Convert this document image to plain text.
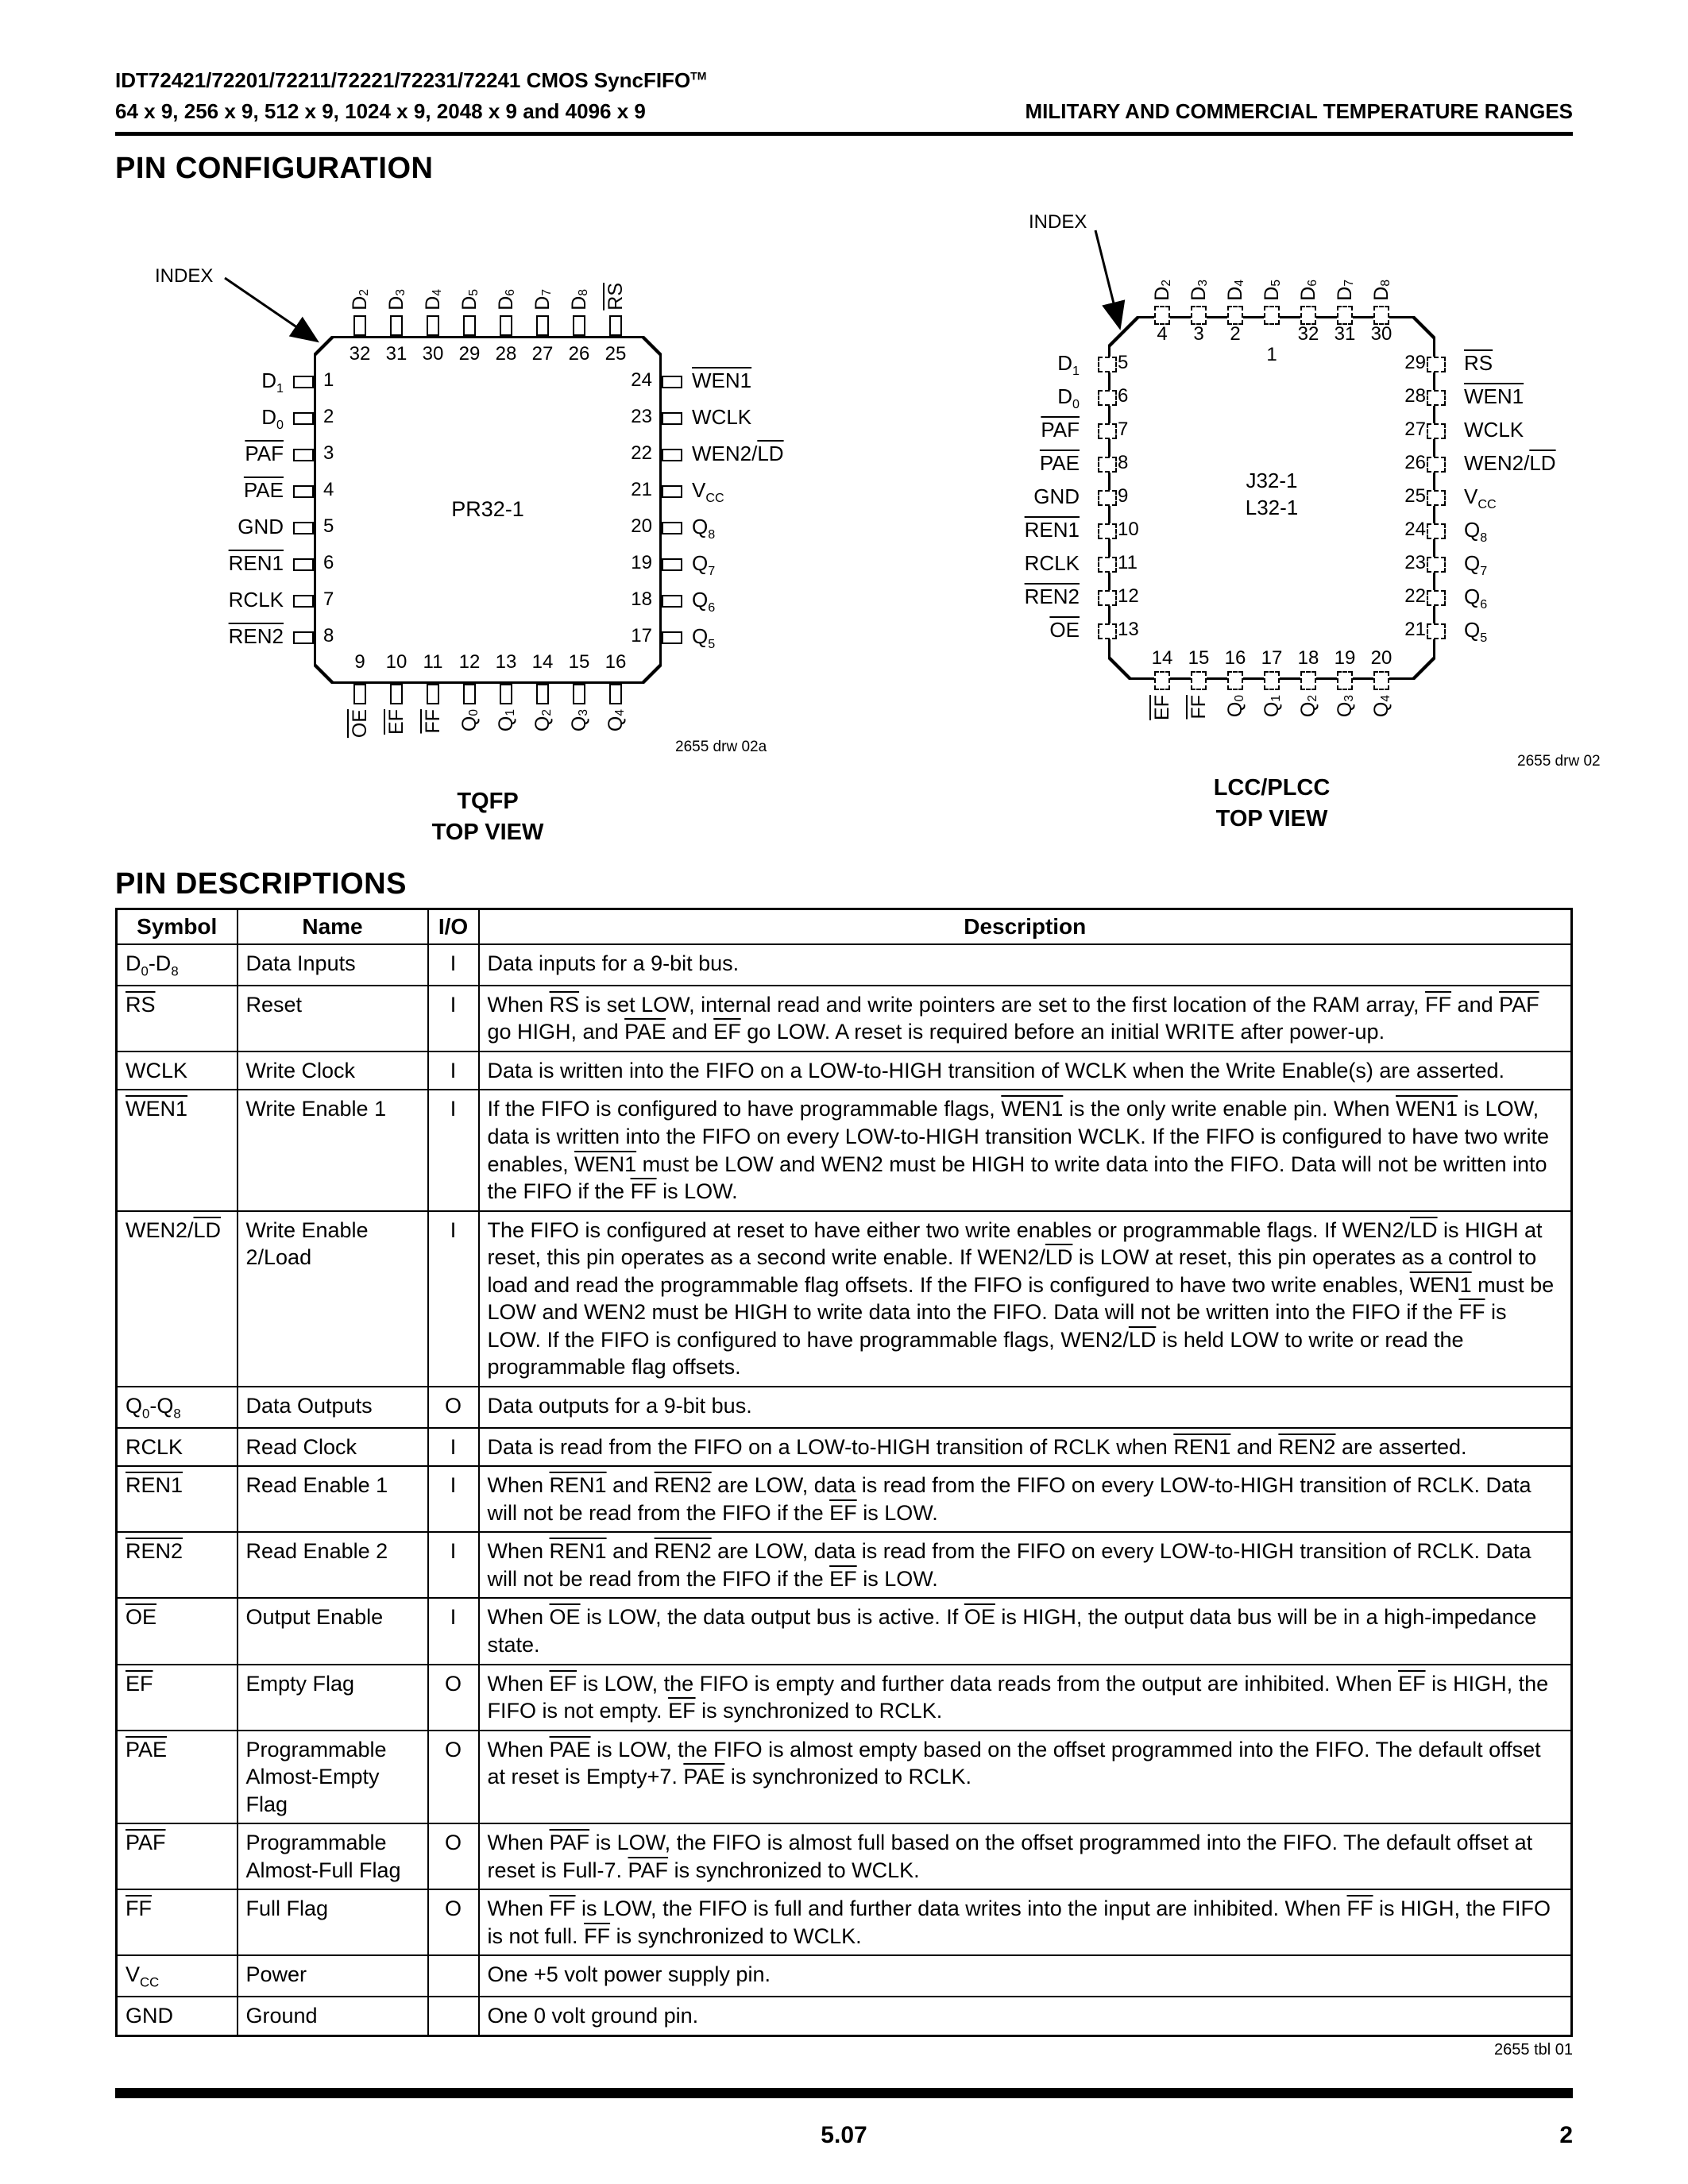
IDT72421/72201/72211/72221/72231/72241 CMOS SyncFIFO™
64 x 9, 256 x 9, 512 x 9, 1024 x 9, 2048 x 9 and 4096 x 9	MILITARY AND COMMERCIAL TEMPERATURE RANGES
PIN CONFIGURATION
INDEX
PR32-1
TQFP
TOP VIEW
2655 drw 02a
32
$D_2$
31
$D_3$
30
$D_4$
29
$D_5$
28
$D_6$
27
$D_7$
26
$D_8$
25
RS
9
OE
10
EF
11
FF
12
$Q_0$
13
$Q_1$
14
$Q_2$
15
$Q_3$
16
$Q_4$
1
$D_1$
2
$D_0$
3
$\overline{PAF}$
4
$\overline{PAE}$
5
GND
6
REN1
7
RCLK
8
REN2
24 WEN1
23 WCLK
22 $WEN2/\overline{LD}$
21 $V_{CC}$
20 $Q_8$
19 $Q_7$
18 $Q_6$
17 $Q_5$
INDEX
J32-1
L32-1
LCC/PLCC
TOP VIEW
2655 drw 02
4
$D_2$
3
$D_3$
2
$D_4$
1
$D_5$
32
$D_6$
31
$D_7$
30
$D_8$
14
EF
15
FF
16
$Q_0$
17
$Q_1$
18
$Q_2$
19
$Q_3$
20
$Q_4$
5
$D_1$
6
$D_0$
7
$\overline{PAF}$
8
$\overline{PAE}$
9
GND
10
REN1
11
RCLK
12
REN2
13
$\overline{OE}$
29 $\overline{RS}$
28 WEN1
27 WCLK
26 $WEN2/\overline{LD}$
25 $V_{CC}$
24 $Q_8$
23 $Q_7$
22 $Q_6$
21 $Q_5$
PIN DESCRIPTIONS
Symbol	Name	I/O	Description
$D_0-D_8$	Data Inputs	I	Data inputs for a 9-bit bus.
$\overline{RS}$	Reset	I	When $\overline{RS}$ is set LOW, internal read and write pointers are set to the first location of the RAM array, $\overline{FF}$ and $\overline{PAF}$ go HIGH, and $\overline{PAE}$ and $\overline{EF}$ go LOW. A reset is required before an initial WRITE after power-up.
WCLK	Write Clock	I	Data is written into the FIFO on a LOW-to-HIGH transition of WCLK when the Write Enable(s) are asserted.
WEN1	Write Enable 1	I	If the FIFO is configured to have programmable flags, WEN1 is the only write enable pin. When WEN1 is LOW, data is written into the FIFO on every LOW-to-HIGH transition WCLK. If the FIFO is configured to have two write enables, WEN1 must be LOW and WEN2 must be HIGH to write data into the FIFO. Data will not be written into the FIFO if the $\overline{FF}$ is LOW.
$WEN2/\overline{LD}$	Write Enable 2/Load	I	The FIFO is configured at reset to have either two write enables or programmable flags. If $WEN2/\overline{LD}$ is HIGH at reset, this pin operates as a second write enable. If $WEN2/\overline{LD}$ is LOW at reset, this pin operates as a control to load and read the programmable flag offsets. If the FIFO is configured to have two write enables, WEN1 must be LOW and WEN2 must be HIGH to write data into the FIFO. Data will not be written into the FIFO if the $\overline{FF}$ is LOW. If the FIFO is configured to have programmable flags, $WEN2/\overline{LD}$ is held LOW to write or read the programmable flag offsets.
$Q_0-Q_8$	Data Outputs	O	Data outputs for a 9-bit bus.
RCLK	Read Clock	I	Data is read from the FIFO on a LOW-to-HIGH transition of RCLK when REN1 and REN2 are asserted.
REN1	Read Enable 1	I	When REN1 and REN2 are LOW, data is read from the FIFO on every LOW-to-HIGH transition of RCLK. Data will not be read from the FIFO if the $\overline{EF}$ is LOW.
REN2	Read Enable 2	I	When REN1 and REN2 are LOW, data is read from the FIFO on every LOW-to-HIGH transition of RCLK. Data will not be read from the FIFO if the $\overline{EF}$ is LOW.
$\overline{OE}$	Output Enable	I	When $\overline{OE}$ is LOW, the data output bus is active. If $\overline{OE}$ is HIGH, the output data bus will be in a high-impedance state.
$\overline{EF}$	Empty Flag	O	When $\overline{EF}$ is LOW, the FIFO is empty and further data reads from the output are inhibited. When $\overline{EF}$ is HIGH, the FIFO is not empty. $\overline{EF}$ is synchronized to RCLK.
$\overline{PAE}$	Programmable Almost-Empty Flag	O	When $\overline{PAE}$ is LOW, the FIFO is almost empty based on the offset programmed into the FIFO. The default offset at reset is Empty+7. $\overline{PAE}$ is synchronized to RCLK.
$\overline{PAF}$	Programmable Almost-Full Flag	O	When $\overline{PAF}$ is LOW, the FIFO is almost full based on the offset programmed into the FIFO. The default offset at reset is Full-7. $\overline{PAF}$ is synchronized to WCLK.
$\overline{FF}$	Full Flag	O	When $\overline{FF}$ is LOW, the FIFO is full and further data writes into the input are inhibited. When $\overline{FF}$ is HIGH, the FIFO is not full. $\overline{FF}$ is synchronized to WCLK.
$V_{CC}$	Power		One +5 volt power supply pin.
GND	Ground		One 0 volt ground pin.
2655 tbl 01
5.07	2
